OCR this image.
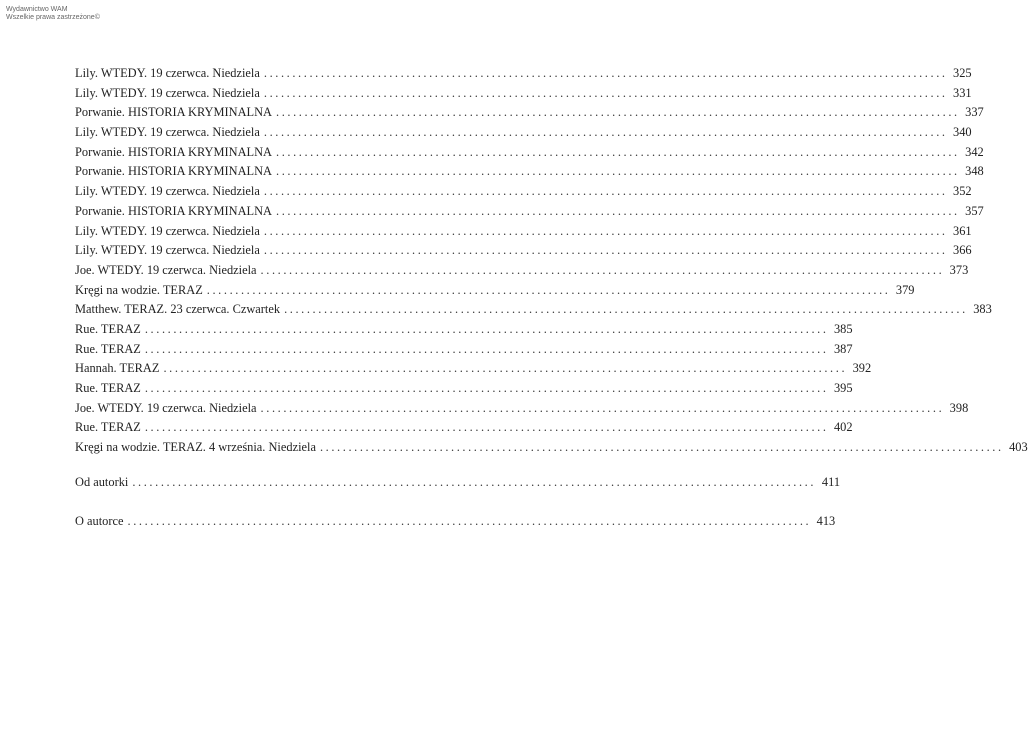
Wydawnictwo WAM
Wszelkie prawa zastrzeżone©
Lily. WTEDY. 19 czerwca. Niedziela ........................................................................................................................ 325
Lily. WTEDY. 19 czerwca. Niedziela ........................................................................................................................ 331
Porwanie. HISTORIA KRYMINALNA ........................................................................................................................ 337
Lily. WTEDY. 19 czerwca. Niedziela ........................................................................................................................ 340
Porwanie. HISTORIA KRYMINALNA ........................................................................................................................ 342
Porwanie. HISTORIA KRYMINALNA ........................................................................................................................ 348
Lily. WTEDY. 19 czerwca. Niedziela ........................................................................................................................ 352
Porwanie. HISTORIA KRYMINALNA ........................................................................................................................ 357
Lily. WTEDY. 19 czerwca. Niedziela ........................................................................................................................ 361
Lily. WTEDY. 19 czerwca. Niedziela ........................................................................................................................ 366
Joe. WTEDY. 19 czerwca. Niedziela ........................................................................................................................ 373
Kręgi na wodzie. TERAZ ........................................................................................................................ 379
Matthew. TERAZ. 23 czerwca. Czwartek ........................................................................................................................ 383
Rue. TERAZ ........................................................................................................................ 385
Rue. TERAZ ........................................................................................................................ 387
Hannah. TERAZ ........................................................................................................................ 392
Rue. TERAZ ........................................................................................................................ 395
Joe. WTEDY. 19 czerwca. Niedziela ........................................................................................................................ 398
Rue. TERAZ ........................................................................................................................ 402
Kręgi na wodzie. TERAZ. 4 września. Niedziela ........................................................................................................................ 403
Od autorki ........................................................................................................................ 411
O autorce ........................................................................................................................ 413
